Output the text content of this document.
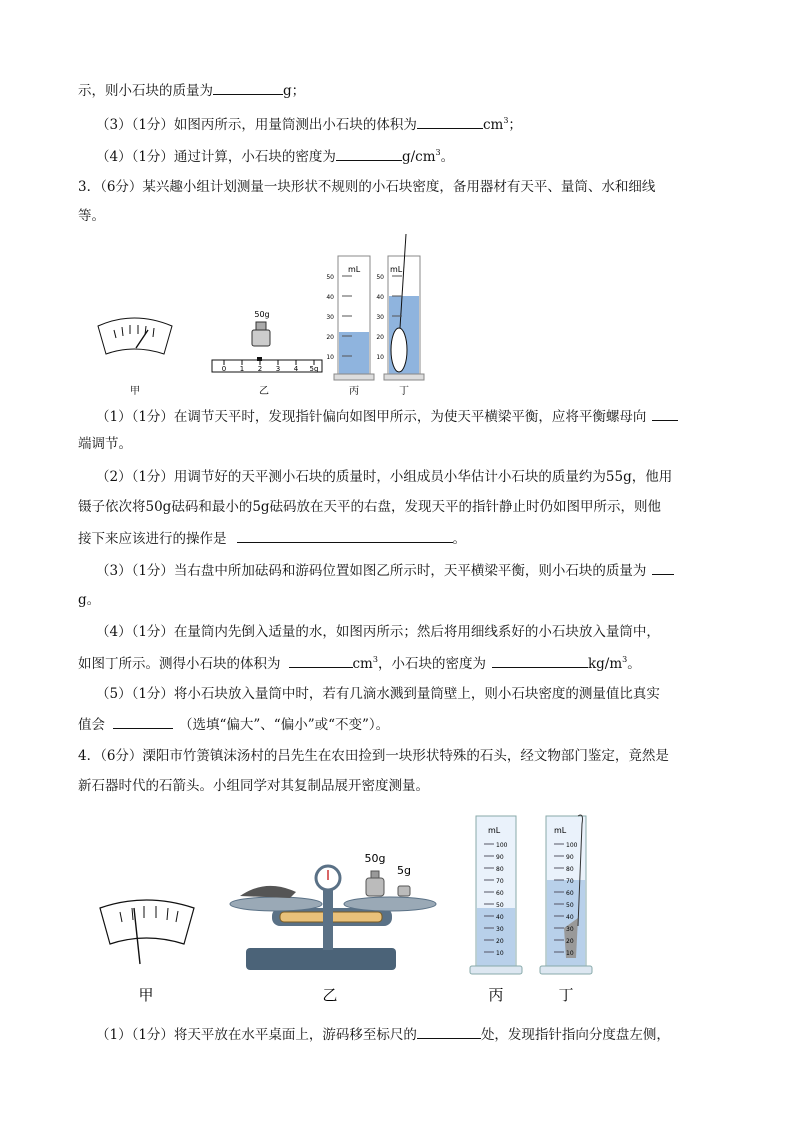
示，则小石块的质量为	g；
（3）（1分）如图丙所示，用量筒测出小石块的体积为	$cm^3$；
（4）（1分）通过计算，小石块的密度为	$g/cm^3$。
3．（6分）某兴趣小组计划测量一块形状不规则的小石块密度，备用器材有天平、量筒、水和细线
等。
50g
0 1 2 3 4 5g
mL
50
40
30
20
10
mL
50
40
30
20
10
甲	乙	丙	丁
（1）（1分）在调节天平时，发现指针偏向如图甲所示，为使天平横梁平衡，应将平衡螺母向
端调节。
（2）（1分）用调节好的天平测小石块的质量时，小组成员小华估计小石块的质量约为55g，他用
镊子依次将50g砝码和最小的5g砝码放在天平的右盘，发现天平的指针静止时仍如图甲所示，则他
接下来应该进行的操作是	。
（3）（1分）当右盘中所加砝码和游码位置如图乙所示时，天平横梁平衡，则小石块的质量为
g。
（4）（1分）在量筒内先倒入适量的水，如图丙所示；然后将用细线系好的小石块放入量筒中，
如图丁所示。测得小石块的体积为	$cm^3$，小石块的密度为	$kg/m^3$。
（5）（1分）将小石块放入量筒中时，若有几滴水溅到量筒壁上，则小石块密度的测量值比真实
值会	（选填“偏大”、“偏小”或“不变”）。
4．（6分）溧阳市竹箦镇沫汤村的吕先生在农田捡到一块形状特殊的石头，经文物部门鉴定，竟然是
新石器时代的石箭头。小组同学对其复制品展开密度测量。
50g
5g
mL	mL
100
90
80
70
60
50
40
30
20
10
100
90
80
70
60
50
40
30
20
10
甲	乙	丙	丁
（1）（1分）将天平放在水平桌面上，游码移至标尺的	处，发现指针指向分度盘左侧，
